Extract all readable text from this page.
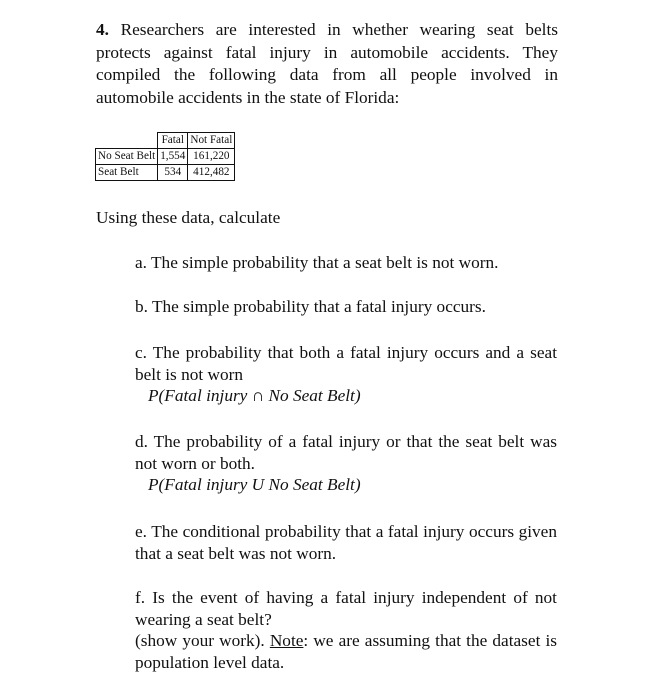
4. Researchers are interested in whether wearing seat belts protects against fatal injury in automobile accidents. They compiled the following data from all people involved in automobile accidents in the state of Florida:
	Fatal	Not Fatal
No Seat Belt	1,554	161,220
Seat Belt	534	412,482
Using these data, calculate
a. The simple probability that a seat belt is not worn.
b. The simple probability that a fatal injury occurs.
c. The probability that both a fatal injury occurs and a seat belt is not worn
P(Fatal injury ∩ No Seat Belt)
d. The probability of a fatal injury or that the seat belt was not worn or both.
P(Fatal injury U No Seat Belt)
e. The conditional probability that a fatal injury occurs given that a seat belt was not worn.
f. Is the event of having a fatal injury independent of not wearing a seat belt?
(show your work). Note: we are assuming that the dataset is population level data.
